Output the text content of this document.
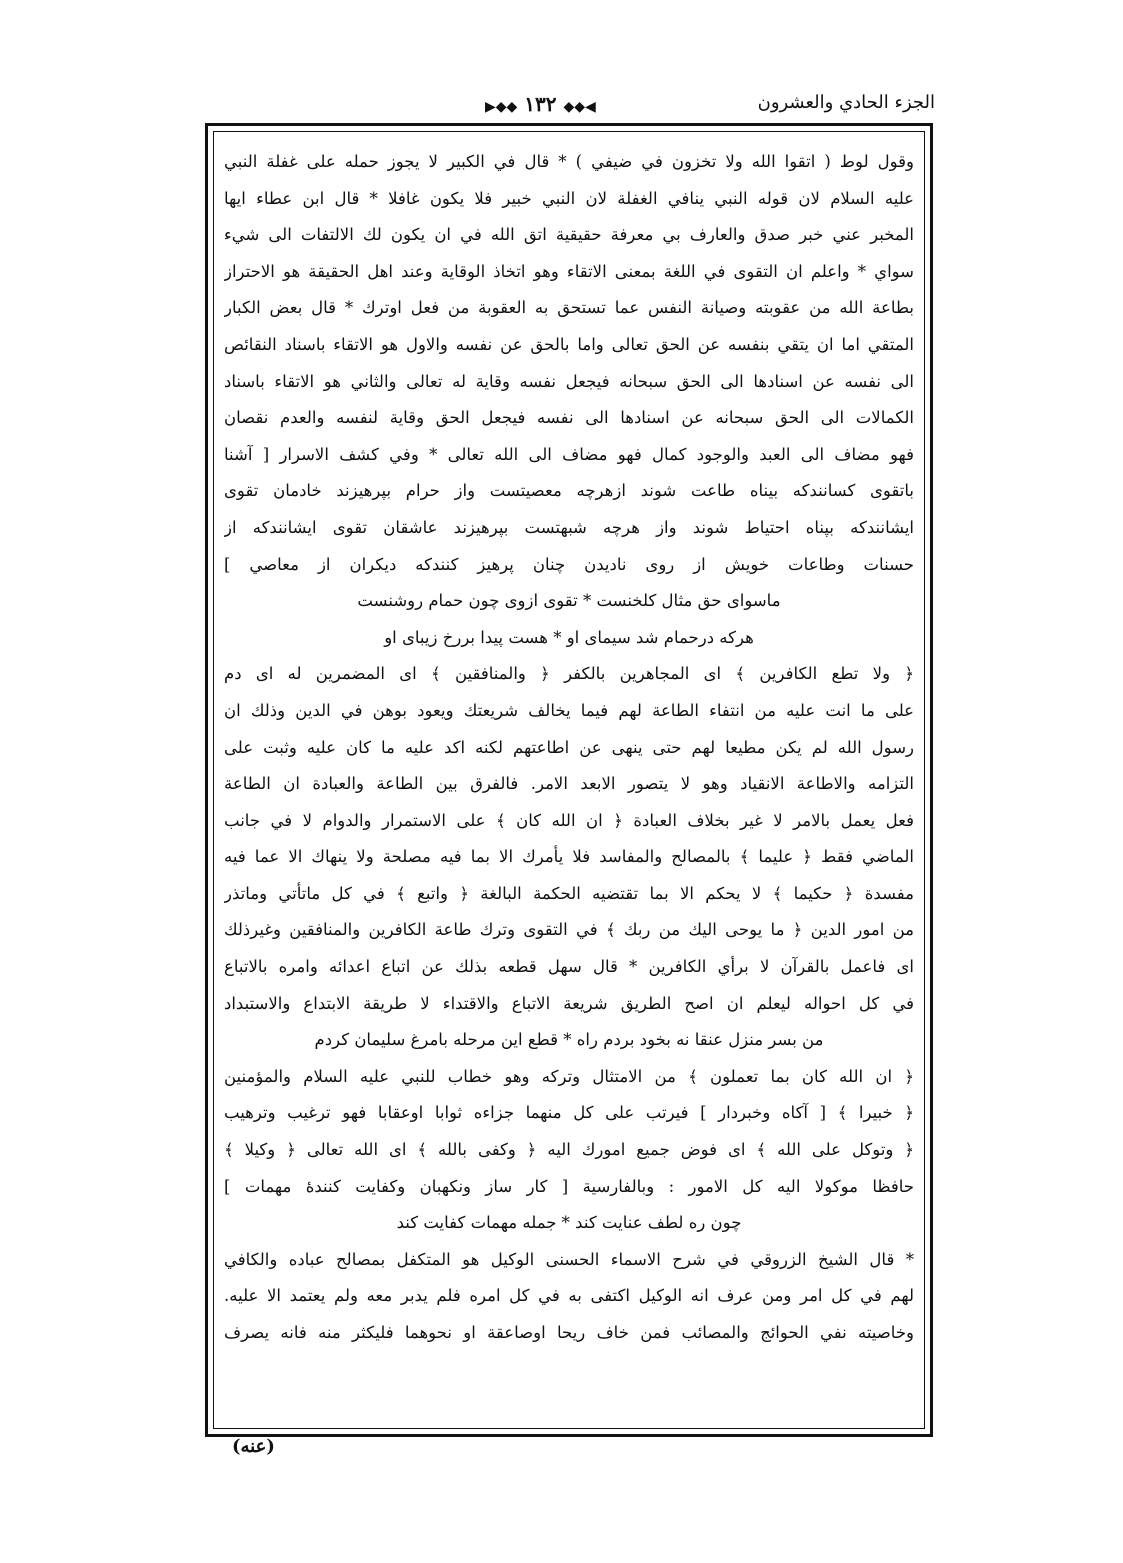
الجزء الحادي والعشرون
◀◆◆ ١٣٢ ◆◆▶
وقول لوط ( اتقوا الله ولا تخزون في ضيفي ) * قال في الكبير لا يجوز حمله على غفلة النبي
عليه السلام لان قوله النبي ينافي الغفلة لان النبي خبير فلا يكون غافلا * قال ابن عطاء ايها
المخبر عني خبر صدق والعارف بي معرفة حقيقية اتق الله في ان يكون لك الالتفات الى شيء
سواي * واعلم ان التقوى في اللغة بمعنى الاتقاء وهو اتخاذ الوقاية وعند اهل الحقيقة هو الاحتراز
بطاعة الله من عقوبته وصيانة النفس عما تستحق به العقوبة من فعل اوترك * قال بعض الكبار
المتقي اما ان يتقي بنفسه عن الحق تعالى واما بالحق عن نفسه والاول هو الاتقاء باسناد النقائص
الى نفسه عن اسنادها الى الحق سبحانه فيجعل نفسه وقاية له تعالى والثاني هو الاتقاء باسناد
الكمالات الى الحق سبحانه عن اسنادها الى نفسه فيجعل الحق وقاية لنفسه والعدم نقصان
فهو مضاف الى العبد والوجود كمال فهو مضاف الى الله تعالى * وفي كشف الاسرار [ آشنا
باتقوى كسانندكه بيناه طاعت شوند ازهرچه معصيتست واز حرام بپرهيزند خادمان تقوى
ايشانندكه بپناه احتياط شوند واز هرچه شبهتست بپرهيزند عاشقان تقوى ايشانندكه از
حسنات وطاعات خويش از روى ناديدن چنان پرهيز كنندكه ديكران از معاصي ]
ماسواى حق مثال كلخنست * تقوى ازوى چون حمام روشنست
هركه درحمام شد سيماى او * هست پيدا بررخ زيباى او
﴿ ولا تطع الكافرين ﴾ اى المجاهرين بالكفر ﴿ والمنافقين ﴾ اى المضمرين له اى دم
على ما انت عليه من انتفاء الطاعة لهم فيما يخالف شريعتك ويعود بوهن في الدين وذلك ان
رسول الله لم يكن مطيعا لهم حتى ينهى عن اطاعتهم لكنه اكد عليه ما كان عليه وثبت على
التزامه والاطاعة الانقياد وهو لا يتصور الابعد الامر. فالفرق بين الطاعة والعبادة ان الطاعة
فعل يعمل بالامر لا غير بخلاف العبادة ﴿ ان الله كان ﴾ على الاستمرار والدوام لا في جانب
الماضي فقط ﴿ عليما ﴾ بالمصالح والمفاسد فلا يأمرك الا بما فيه مصلحة ولا ينهاك الا عما فيه
مفسدة ﴿ حكيما ﴾ لا يحكم الا بما تقتضيه الحكمة البالغة ﴿ واتبع ﴾ في كل ماتأتي وماتذر
من امور الدين ﴿ ما يوحى اليك من ربك ﴾ في التقوى وترك طاعة الكافرين والمنافقين وغيرذلك
اى فاعمل بالقرآن لا برأي الكافرين * قال سهل قطعه بذلك عن اتباع اعدائه وامره بالاتباع
في كل احواله ليعلم ان اصح الطريق شريعة الاتباع والاقتداء لا طريقة الابتداع والاستبداد
من بسر منزل عنقا نه بخود بردم راه * قطع اين مرحله بامرغ سليمان كردم
﴿ ان الله كان بما تعملون ﴾ من الامتثال وتركه وهو خطاب للنبي عليه السلام والمؤمنين
﴿ خبيرا ﴾ [ آكاه وخبردار ] فيرتب على كل منهما جزاءه ثوابا اوعقابا فهو ترغيب وترهيب
﴿ وتوكل على الله ﴾ اى فوض جميع امورك اليه ﴿ وكفى بالله ﴾ اى الله تعالى ﴿ وكيلا ﴾
حافظا موكولا اليه كل الامور : وبالفارسية [ كار ساز ونكهبان وكفايت كنندهٔ مهمات ]
چون ره لطف عنايت كند * جمله مهمات كفايت كند
* قال الشيخ الزروقي في شرح الاسماء الحسنى الوكيل هو المتكفل بمصالح عباده والكافي
لهم في كل امر ومن عرف انه الوكيل اكتفى به في كل امره فلم يدبر معه ولم يعتمد الا عليه.
وخاصيته نفي الحوائج والمصائب فمن خاف ريحا اوصاعقة او نحوهما فليكثر منه فانه يصرف
(عنه)
